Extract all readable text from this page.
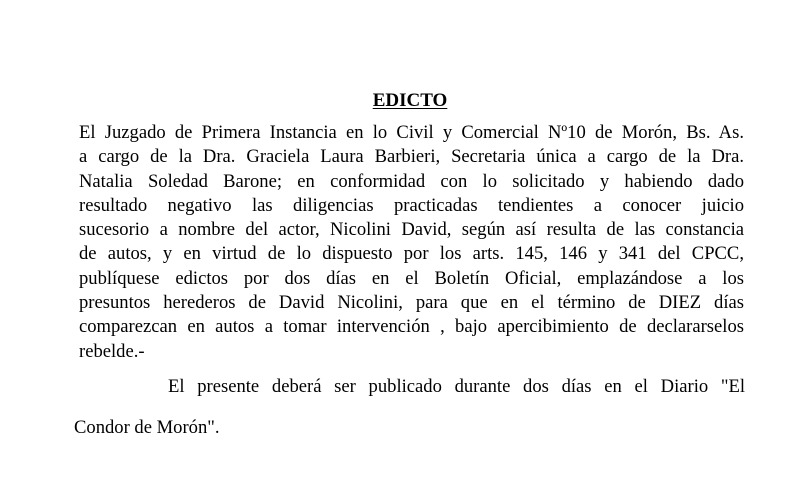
EDICTO
El Juzgado de Primera Instancia en lo Civil y Comercial Nº10 de Morón, Bs. As.
a cargo de la Dra. Graciela Laura Barbieri, Secretaria única a cargo de la Dra.
Natalia Soledad Barone; en conformidad con lo solicitado y habiendo dado
resultado negativo las diligencias practicadas tendientes a conocer juicio
sucesorio a nombre del actor, Nicolini David, según así resulta de las constancia
de autos, y en virtud de lo dispuesto por los arts. 145, 146 y 341 del CPCC,
publíquese edictos por dos días en el Boletín Oficial, emplazándose a los
presuntos herederos de David Nicolini, para que en el término de DIEZ días
comparezcan en autos a tomar intervención , bajo apercibimiento de declararselos
rebelde.-

El presente deberá ser publicado durante dos días en el Diario "El

Condor de Morón".
